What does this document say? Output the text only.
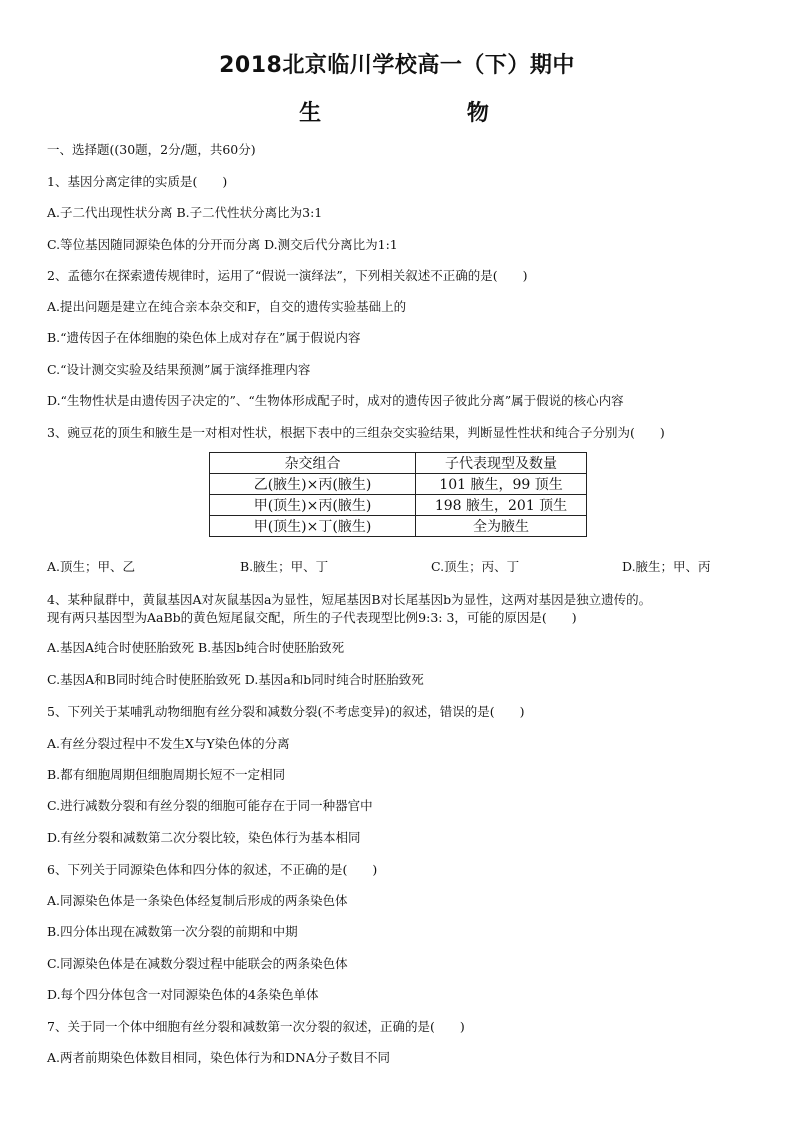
2018北京临川学校高一（下）期中
生 物
一、选择题((30题，2分/题，共60分)
1、基因分离定律的实质是(　　)
A.子二代出现性状分离 B.子二代性状分离比为3:1
C.等位基因随同源染色体的分开而分离 D.测交后代分离比为1:1
2、孟德尔在探索遗传规律时，运用了“假说一演绎法”，下列相关叙述不正确的是(　　)
A.提出问题是建立在纯合亲本杂交和F，自交的遗传实验基础上的
B.“遗传因子在体细胞的染色体上成对存在”属于假说内容
C.“设计测交实验及结果预测”属于演绎推理内容
D.“生物性状是由遗传因子决定的”、“生物体形成配子时，成对的遗传因子彼此分离”属于假说的核心内容
3、豌豆花的顶生和腋生是一对相对性状，根据下表中的三组杂交实验结果，判断显性性状和纯合子分别为(　　)
杂交组合	子代表现型及数量
乙(腋生)×丙(腋生)	101 腋生，99 顶生
甲(顶生)×丙(腋生)	198 腋生，201 顶生
甲(顶生)×丁(腋生)	全为腋生
A.顶生；甲、乙	B.腋生；甲、丁	C.顶生；丙、丁	D.腋生；甲、丙
4、某种鼠群中，黄鼠基因A对灰鼠基因a为显性，短尾基因B对长尾基因b为显性，这两对基因是独立遗传的。
现有两只基因型为AaBb的黄色短尾鼠交配，所生的子代表现型比例9:3: 3，可能的原因是(　　)
A.基因A纯合时使胚胎致死 B.基因b纯合时使胚胎致死
C.基因A和B同时纯合时使胚胎致死 D.基因a和b同时纯合时胚胎致死
5、下列关于某哺乳动物细胞有丝分裂和减数分裂(不考虑变异)的叙述，错误的是(　　)
A.有丝分裂过程中不发生X与Y染色体的分离
B.都有细胞周期但细胞周期长短不一定相同
C.进行减数分裂和有丝分裂的细胞可能存在于同一种器官中
D.有丝分裂和减数第二次分裂比较，染色体行为基本相同
6、下列关于同源染色体和四分体的叙述，不正确的是(　　)
A.同源染色体是一条染色体经复制后形成的两条染色体
B.四分体出现在减数第一次分裂的前期和中期
C.同源染色体是在减数分裂过程中能联会的两条染色体
D.每个四分体包含一对同源染色体的4条染色单体
7、关于同一个体中细胞有丝分裂和减数第一次分裂的叙述，正确的是(　　)
A.两者前期染色体数目相同，染色体行为和DNA分子数目不同
